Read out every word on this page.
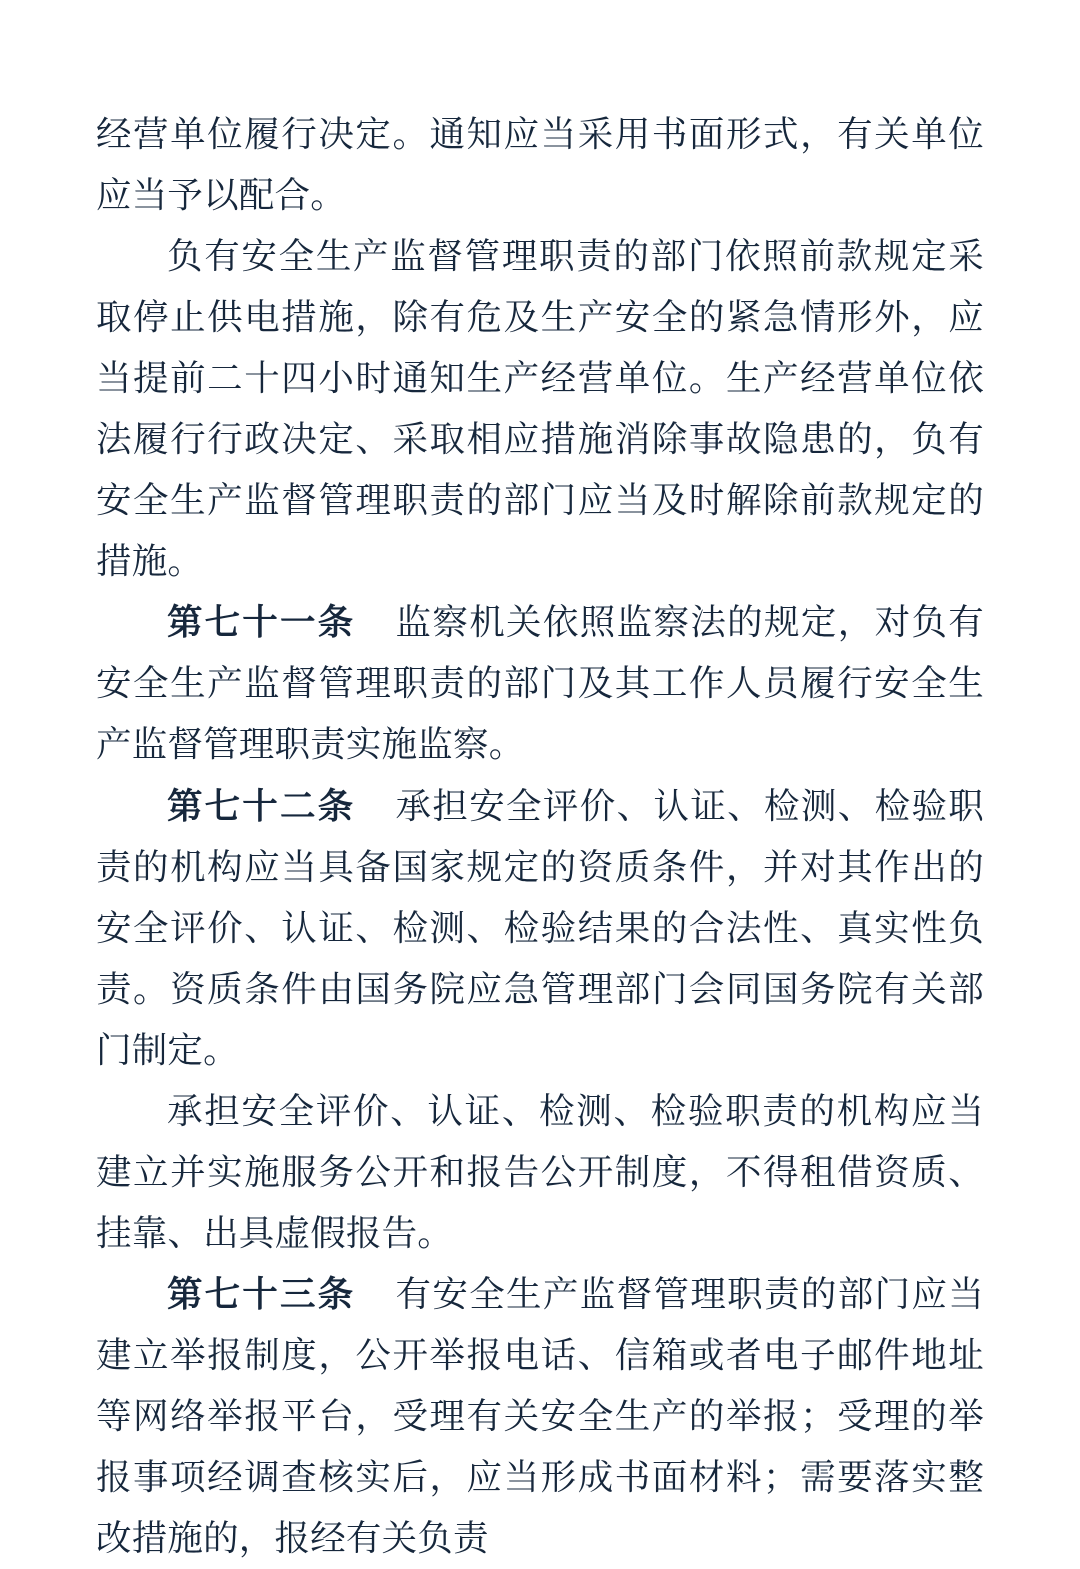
经营单位履行决定。通知应当采用书面形式，有关单位应当予以配合。

负有安全生产监督管理职责的部门依照前款规定采取停止供电措施，除有危及生产安全的紧急情形外，应当提前二十四小时通知生产经营单位。生产经营单位依法履行行政决定、采取相应措施消除事故隐患的，负有安全生产监督管理职责的部门应当及时解除前款规定的措施。

第七十一条 监察机关依照监察法的规定，对负有安全生产监督管理职责的部门及其工作人员履行安全生产监督管理职责实施监察。

第七十二条 承担安全评价、认证、检测、检验职责的机构应当具备国家规定的资质条件，并对其作出的安全评价、认证、检测、检验结果的合法性、真实性负责。资质条件由国务院应急管理部门会同国务院有关部门制定。

承担安全评价、认证、检测、检验职责的机构应当建立并实施服务公开和报告公开制度，不得租借资质、挂靠、出具虚假报告。

第七十三条 有安全生产监督管理职责的部门应当建立举报制度，公开举报电话、信箱或者电子邮件地址等网络举报平台，受理有关安全生产的举报；受理的举报事项经调查核实后，应当形成书面材料；需要落实整改措施的，报经有关负责
